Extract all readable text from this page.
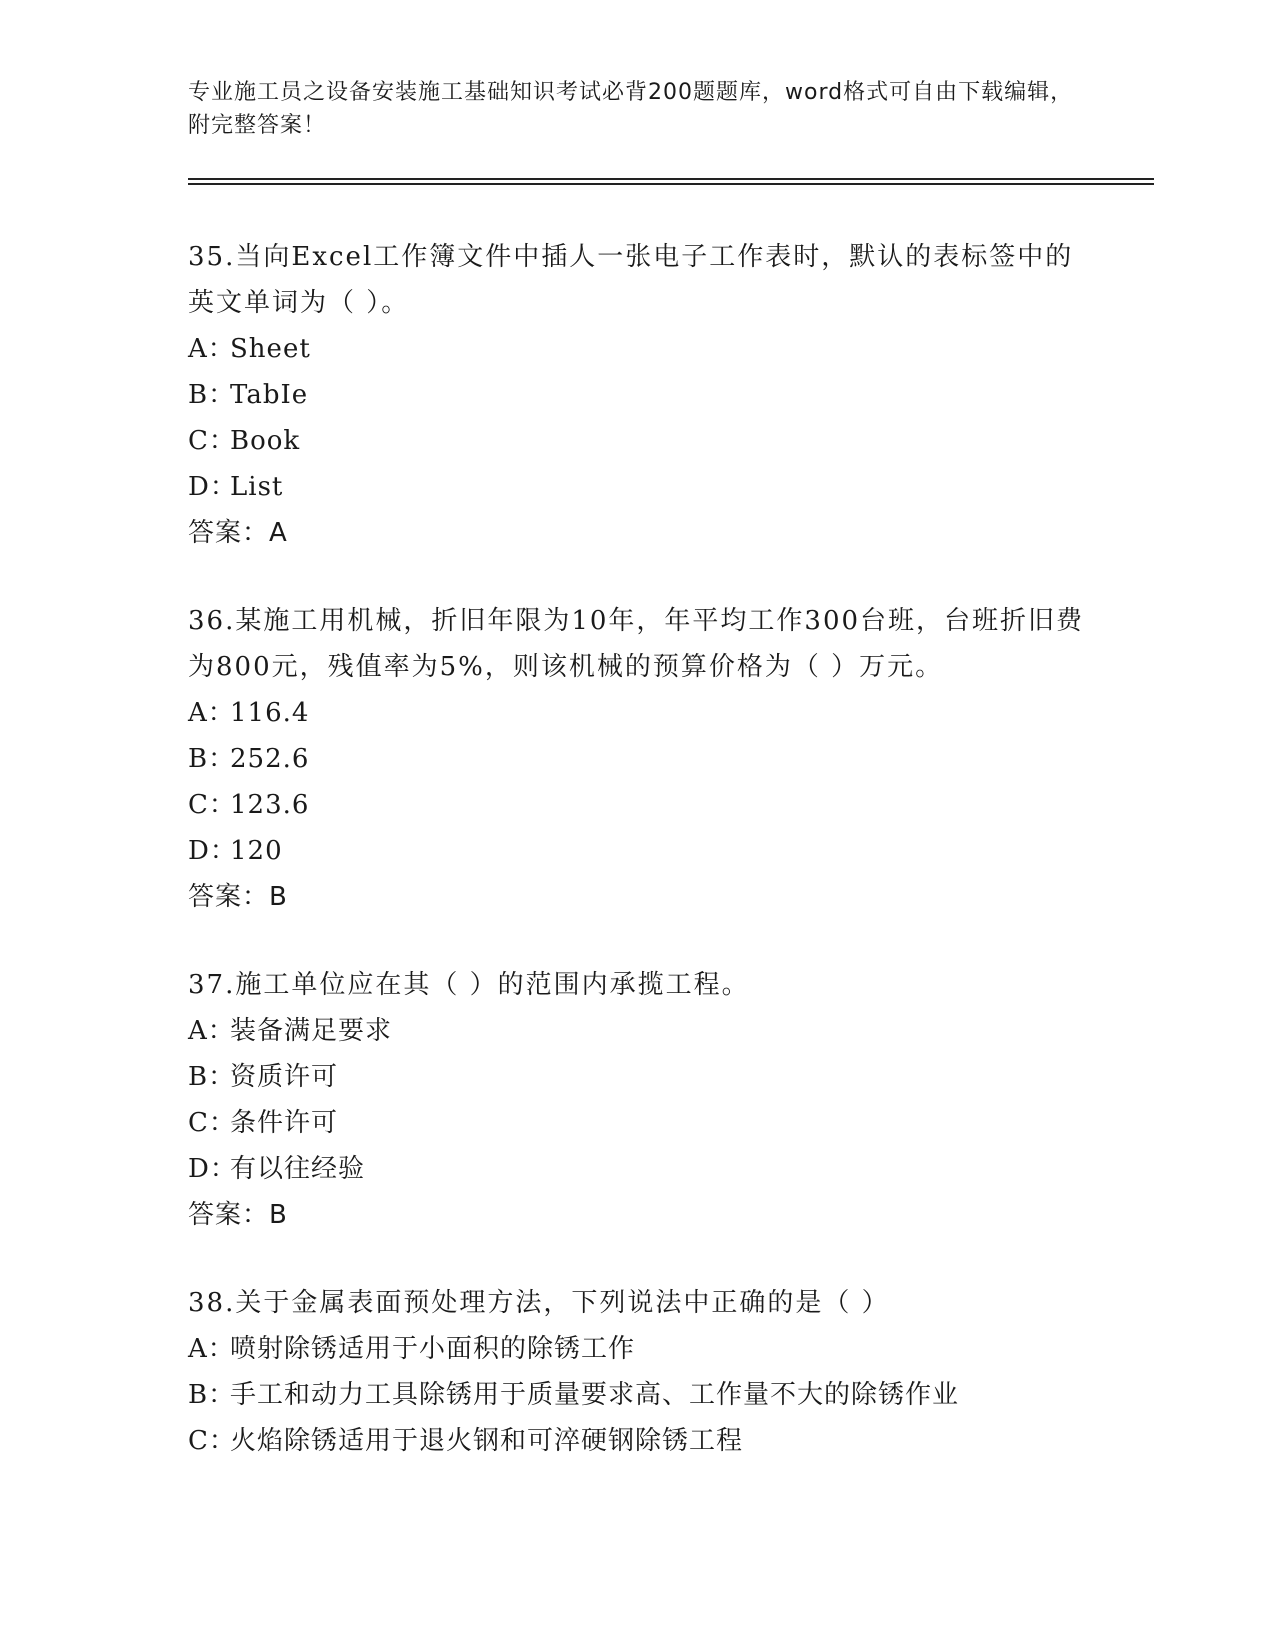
专业施工员之设备安装施工基础知识考试必背200题题库，word格式可自由下载编辑，附完整答案！

35.当向Excel工作簿文件中插人一张电子工作表时，默认的表标签中的英文单词为（ ）。

A：Sheet

B：TabIe

C：Book

D：List

答案：A

36.某施工用机械，折旧年限为10年，年平均工作300台班，台班折旧费为800元，残值率为5%，则该机械的预算价格为（ ）万元。

A：116.4

B：252.6

C：123.6

D：120

答案：B

37.施工单位应在其（ ）的范围内承揽工程。

A：装备满足要求

B：资质许可

C：条件许可

D：有以往经验

答案：B

38.关于金属表面预处理方法，下列说法中正确的是（ ）

A：喷射除锈适用于小面积的除锈工作

B：手工和动力工具除锈用于质量要求高、工作量不大的除锈作业

C：火焰除锈适用于退火钢和可淬硬钢除锈工程
